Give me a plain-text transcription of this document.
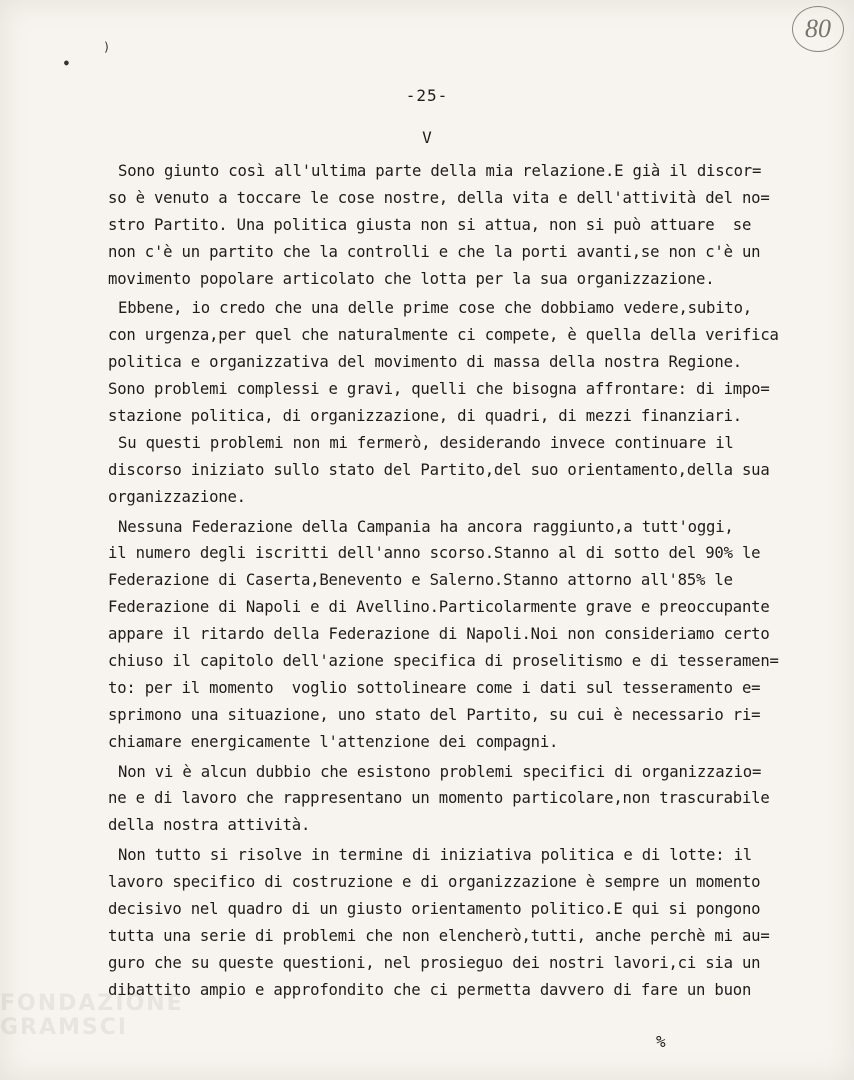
80
)
●
-25-
V
Sono giunto così all'ultima parte della mia relazione.E già il discor=
so è venuto a toccare le cose nostre, della vita e dell'attività del no=
stro Partito. Una politica giusta non si attua, non si può attuare  se
non c'è un partito che la controlli e che la porti avanti,se non c'è un
movimento popolare articolato che lotta per la sua organizzazione.
Ebbene, io credo che una delle prime cose che dobbiamo vedere,subito,
con urgenza,per quel che naturalmente ci compete, è quella della verifica
politica e organizzativa del movimento di massa della nostra Regione.
Sono problemi complessi e gravi, quelli che bisogna affrontare: di impo=
stazione politica, di organizzazione, di quadri, di mezzi finanziari.
Su questi problemi non mi fermerò, desiderando invece continuare il
discorso iniziato sullo stato del Partito,del suo orientamento,della sua
organizzazione.
Nessuna Federazione della Campania ha ancora raggiunto,a tutt'oggi,
il numero degli iscritti dell'anno scorso.Stanno al di sotto del 90% le
Federazione di Caserta,Benevento e Salerno.Stanno attorno all'85% le
Federazione di Napoli e di Avellino.Particolarmente grave e preoccupante
appare il ritardo della Federazione di Napoli.Noi non consideriamo certo
chiuso il capitolo dell'azione specifica di proselitismo e di tesseramen=
to: per il momento  voglio sottolineare come i dati sul tesseramento e=
sprimono una situazione, uno stato del Partito, su cui è necessario ri=
chiamare energicamente l'attenzione dei compagni.
Non vi è alcun dubbio che esistono problemi specifici di organizzazio=
ne e di lavoro che rappresentano un momento particolare,non trascurabile
della nostra attività.
Non tutto si risolve in termine di iniziativa politica e di lotte: il
lavoro specifico di costruzione e di organizzazione è sempre un momento
decisivo nel quadro di un giusto orientamento politico.E qui si pongono
tutta una serie di problemi che non elencherò,tutti, anche perchè mi au=
guro che su queste questioni, nel prosieguo dei nostri lavori,ci sia un
dibattito ampio e approfondito che ci permetta davvero di fare un buon
%
FONDAZIONE GRAMSCI
